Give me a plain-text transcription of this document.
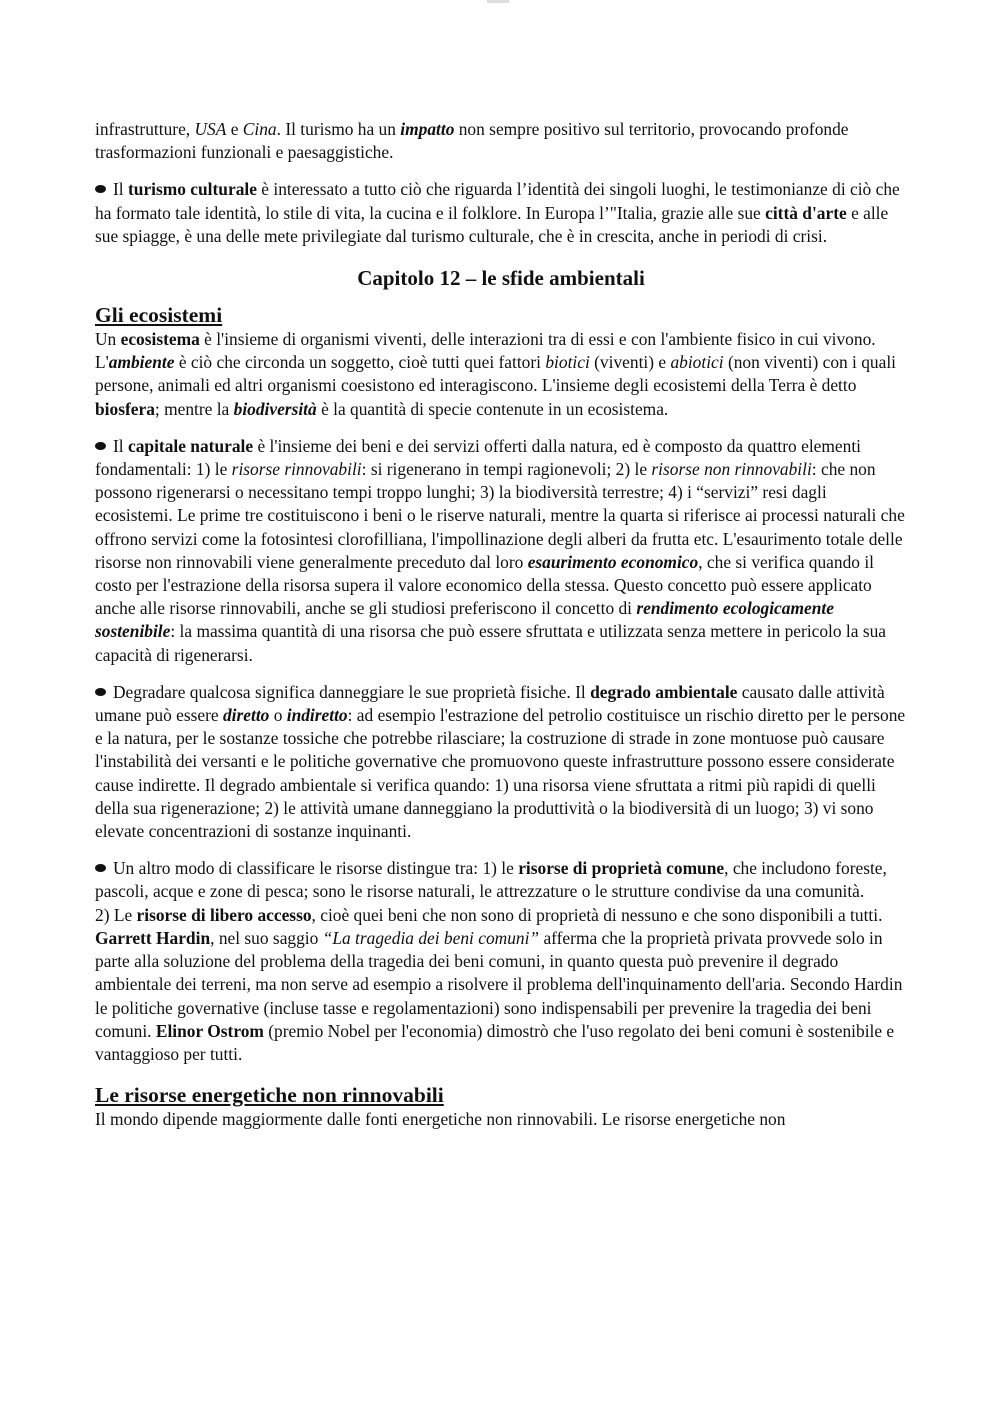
infrastrutture, USA e Cina. Il turismo ha un impatto non sempre positivo sul territorio, provocando profonde trasformazioni funzionali e paesaggistiche.

Il turismo culturale è interessato a tutto ciò che riguarda l’identità dei singoli luoghi, le testimonianze di ciò che ha formato tale identità, lo stile di vita, la cucina e il folklore. In Europa l’"Italia, grazie alle sue città d'arte e alle sue spiagge, è una delle mete privilegiate dal turismo culturale, che è in crescita, anche in periodi di crisi.

Capitolo 12 – le sfide ambientali
Gli ecosistemi

Un ecosistema è l'insieme di organismi viventi, delle interazioni tra di essi e con l'ambiente fisico in cui vivono. L'ambiente è ciò che circonda un soggetto, cioè tutti quei fattori biotici (viventi) e abiotici (non viventi) con i quali persone, animali ed altri organismi coesistono ed interagiscono. L'insieme degli ecosistemi della Terra è detto biosfera; mentre la biodiversità è la quantità di specie contenute in un ecosistema.

Il capitale naturale è l'insieme dei beni e dei servizi offerti dalla natura, ed è composto da quattro elementi fondamentali: 1) le risorse rinnovabili: si rigenerano in tempi ragionevoli; 2) le risorse non rinnovabili: che non possono rigenerarsi o necessitano tempi troppo lunghi; 3) la biodiversità terrestre; 4) i “servizi” resi dagli ecosistemi. Le prime tre costituiscono i beni o le riserve naturali, mentre la quarta si riferisce ai processi naturali che offrono servizi come la fotosintesi clorofilliana, l'impollinazione degli alberi da frutta etc. L'esaurimento totale delle risorse non rinnovabili viene generalmente preceduto dal loro esaurimento economico, che si verifica quando il costo per l'estrazione della risorsa supera il valore economico della stessa. Questo concetto può essere applicato anche alle risorse rinnovabili, anche se gli studiosi preferiscono il concetto di rendimento ecologicamente sostenibile: la massima quantità di una risorsa che può essere sfruttata e utilizzata senza mettere in pericolo la sua capacità di rigenerarsi.

Degradare qualcosa significa danneggiare le sue proprietà fisiche. Il degrado ambientale causato dalle attività umane può essere diretto o indiretto: ad esempio l'estrazione del petrolio costituisce un rischio diretto per le persone e la natura, per le sostanze tossiche che potrebbe rilasciare; la costruzione di strade in zone montuose può causare l'instabilità dei versanti e le politiche governative che promuovono queste infrastrutture possono essere considerate cause indirette. Il degrado ambientale si verifica quando: 1) una risorsa viene sfruttata a ritmi più rapidi di quelli della sua rigenerazione; 2) le attività umane danneggiano la produttività o la biodiversità di un luogo; 3) vi sono elevate concentrazioni di sostanze inquinanti.

Un altro modo di classificare le risorse distingue tra: 1) le risorse di proprietà comune, che includono foreste, pascoli, acque e zone di pesca; sono le risorse naturali, le attrezzature o le strutture condivise da una comunità.

2) Le risorse di libero accesso, cioè quei beni che non sono di proprietà di nessuno e che sono disponibili a tutti. Garrett Hardin, nel suo saggio “La tragedia dei beni comuni” afferma che la proprietà privata provvede solo in parte alla soluzione del problema della tragedia dei beni comuni, in quanto questa può prevenire il degrado ambientale dei terreni, ma non serve ad esempio a risolvere il problema dell'inquinamento dell'aria. Secondo Hardin le politiche governative (incluse tasse e regolamentazioni) sono indispensabili per prevenire la tragedia dei beni comuni. Elinor Ostrom (premio Nobel per l'economia) dimostrò che l'uso regolato dei beni comuni è sostenibile e vantaggioso per tutti.

Le risorse energetiche non rinnovabili

Il mondo dipende maggiormente dalle fonti energetiche non rinnovabili. Le risorse energetiche non
